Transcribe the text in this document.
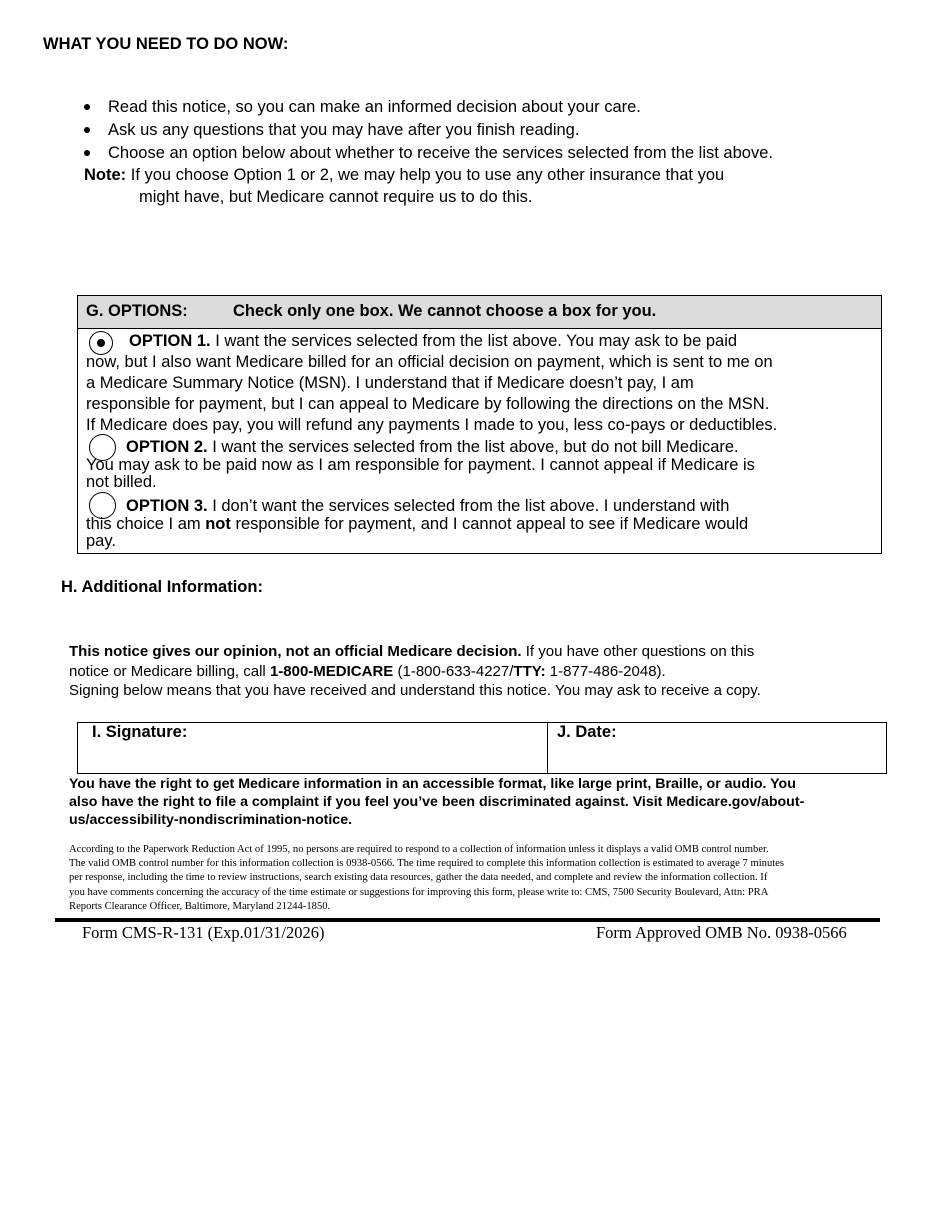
WHAT YOU NEED TO DO NOW:
Read this notice, so you can make an informed decision about your care.
Ask us any questions that you may have after you finish reading.
Choose an option below about whether to receive the services selected from the list above.
Note: If you choose Option 1 or 2, we may help you to use any other insurance that you
might have, but Medicare cannot require us to do this.
G. OPTIONS:	Check only one box. We cannot choose a box for you.
OPTION 1. I want the services selected from the list above. You may ask to be paid
now, but I also want Medicare billed for an official decision on payment, which is sent to me on
a Medicare Summary Notice (MSN). I understand that if Medicare doesn’t pay, I am
responsible for payment, but I can appeal to Medicare by following the directions on the MSN.
If Medicare does pay, you will refund any payments I made to you, less co-pays or deductibles.
OPTION 2. I want the services selected from the list above, but do not bill Medicare.
You may ask to be paid now as I am responsible for payment. I cannot appeal if Medicare is
not billed.
OPTION 3. I don’t want the services selected from the list above. I understand with
this choice I am not responsible for payment, and I cannot appeal to see if Medicare would
pay.
H. Additional Information:
This notice gives our opinion, not an official Medicare decision. If you have other questions on this
notice or Medicare billing, call 1-800-MEDICARE (1-800-633-4227/TTY: 1-877-486-2048).
Signing below means that you have received and understand this notice. You may ask to receive a copy.
I. Signature:	J. Date:
You have the right to get Medicare information in an accessible format, like large print, Braille, or audio. You
also have the right to file a complaint if you feel you’ve been discriminated against. Visit Medicare.gov/about-
us/accessibility-nondiscrimination-notice.
According to the Paperwork Reduction Act of 1995, no persons are required to respond to a collection of information unless it displays a valid OMB control number.
The valid OMB control number for this information collection is 0938-0566. The time required to complete this information collection is estimated to average 7 minutes
per response, including the time to review instructions, search existing data resources, gather the data needed, and complete and review the information collection. If
you have comments concerning the accuracy of the time estimate or suggestions for improving this form, please write to: CMS, 7500 Security Boulevard, Attn: PRA
Reports Clearance Officer, Baltimore, Maryland 21244-1850.
Form CMS-R-131 (Exp.01/31/2026)	Form Approved OMB No. 0938-0566
